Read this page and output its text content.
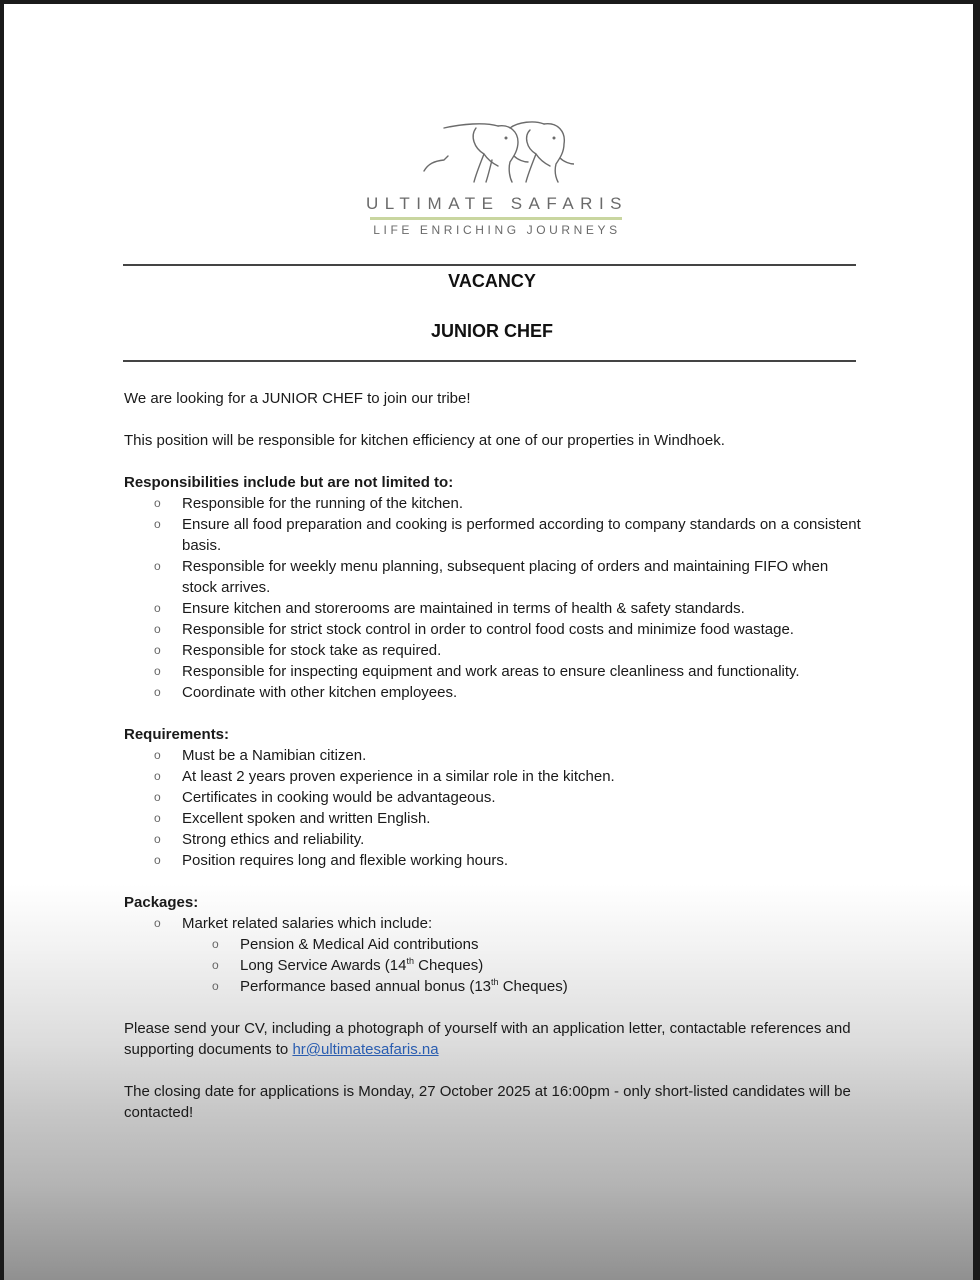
ULTIMATE SAFARIS
LIFE ENRICHING JOURNEYS
VACANCY
JUNIOR CHEF

We are looking for a JUNIOR CHEF to join our tribe!

This position will be responsible for kitchen efficiency at one of our properties in Windhoek.

Responsibilities include but are not limited to:
o Responsible for the running of the kitchen.
o Ensure all food preparation and cooking is performed according to company standards on a consistent basis.
o Responsible for weekly menu planning, subsequent placing of orders and maintaining FIFO when stock arrives.
o Ensure kitchen and storerooms are maintained in terms of health & safety standards.
o Responsible for strict stock control in order to control food costs and minimize food wastage.
o Responsible for stock take as required.
o Responsible for inspecting equipment and work areas to ensure cleanliness and functionality.
o Coordinate with other kitchen employees.
Requirements:
o Must be a Namibian citizen.
o At least 2 years proven experience in a similar role in the kitchen.
o Certificates in cooking would be advantageous.
o Excellent spoken and written English.
o Strong ethics and reliability.
o Position requires long and flexible working hours.
Packages:
o Market related salaries which include:
o Pension & Medical Aid contributions
o Long Service Awards (14th Cheques)
o Performance based annual bonus (13th Cheques)

Please send your CV, including a photograph of yourself with an application letter, contactable references and supporting documents to hr@ultimatesafaris.na

The closing date for applications is Monday, 27 October 2025 at 16:00pm - only short-listed candidates will be contacted!
